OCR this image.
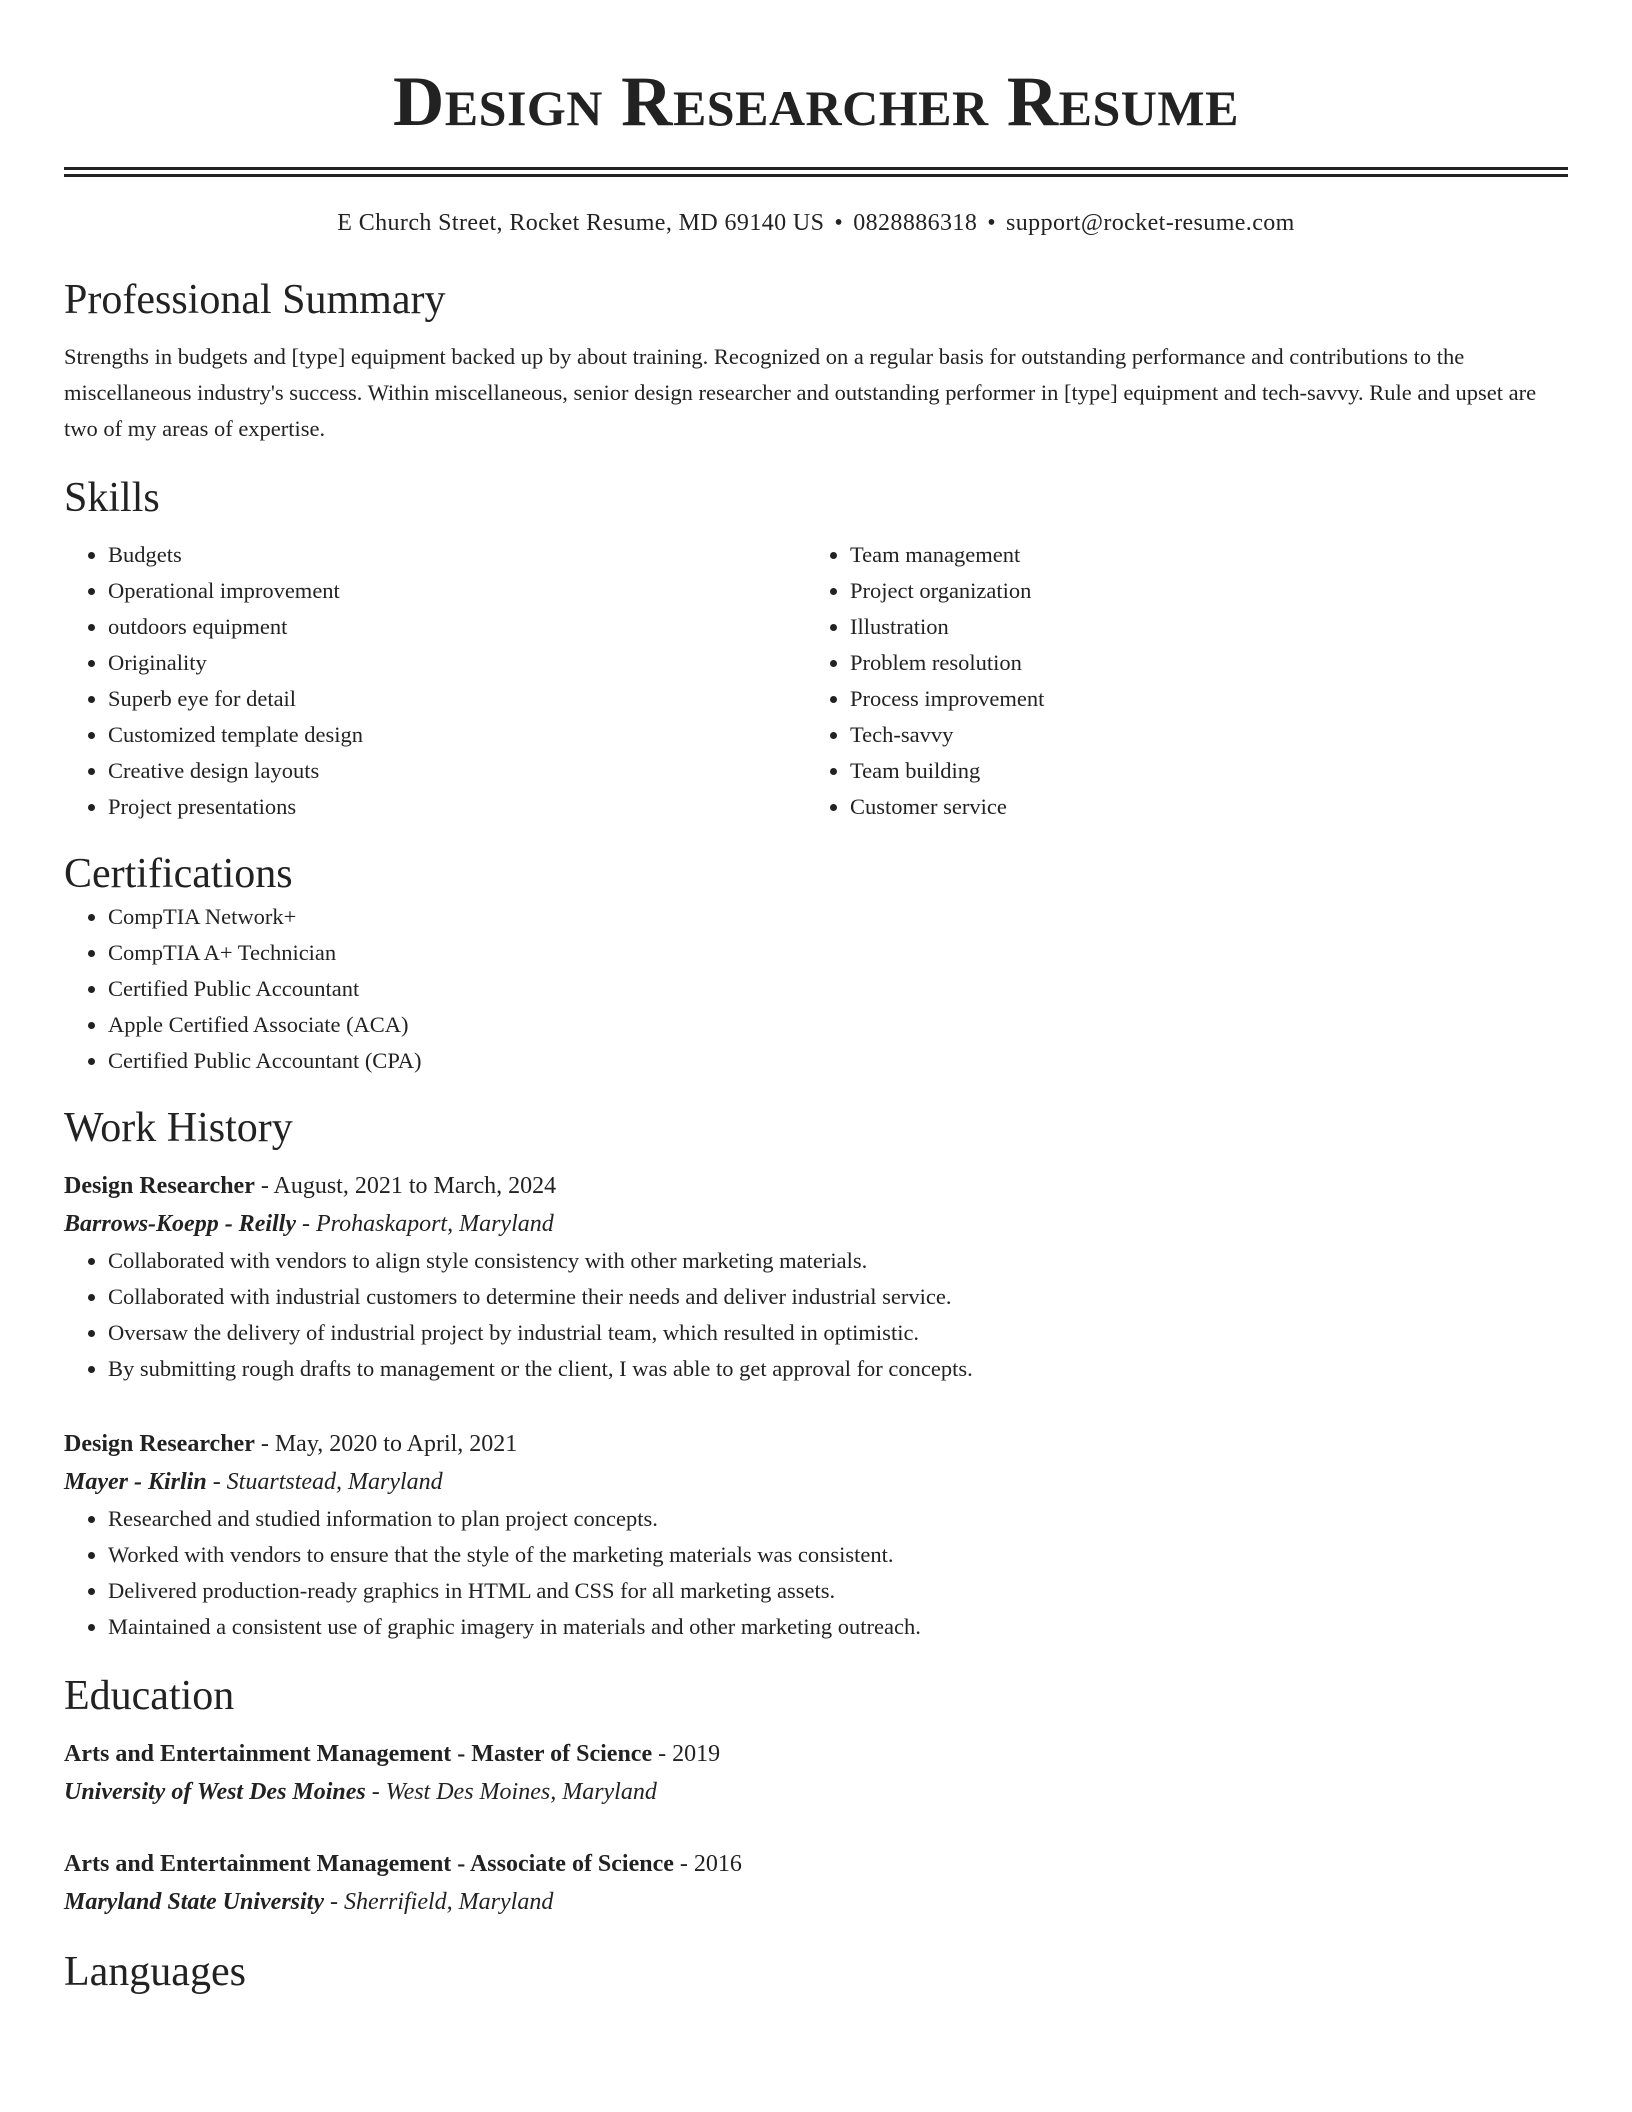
Design Researcher Resume
E Church Street, Rocket Resume, MD 69140 US • 0828886318 • support@rocket-resume.com
Professional Summary
Strengths in budgets and [type] equipment backed up by about training. Recognized on a regular basis for outstanding performance and contributions to the miscellaneous industry's success. Within miscellaneous, senior design researcher and outstanding performer in [type] equipment and tech-savvy. Rule and upset are two of my areas of expertise.
Skills
• Budgets
• Operational improvement
• outdoors equipment
• Originality
• Superb eye for detail
• Customized template design
• Creative design layouts
• Project presentations
• Team management
• Project organization
• Illustration
• Problem resolution
• Process improvement
• Tech-savvy
• Team building
• Customer service
Certifications
• CompTIA Network+
• CompTIA A+ Technician
• Certified Public Accountant
• Apple Certified Associate (ACA)
• Certified Public Accountant (CPA)
Work History
Design Researcher - August, 2021 to March, 2024
Barrows-Koepp - Reilly - Prohaskaport, Maryland
• Collaborated with vendors to align style consistency with other marketing materials.
• Collaborated with industrial customers to determine their needs and deliver industrial service.
• Oversaw the delivery of industrial project by industrial team, which resulted in optimistic.
• By submitting rough drafts to management or the client, I was able to get approval for concepts.
Design Researcher - May, 2020 to April, 2021
Mayer - Kirlin - Stuartstead, Maryland
• Researched and studied information to plan project concepts.
• Worked with vendors to ensure that the style of the marketing materials was consistent.
• Delivered production-ready graphics in HTML and CSS for all marketing assets.
• Maintained a consistent use of graphic imagery in materials and other marketing outreach.
Education
Arts and Entertainment Management - Master of Science - 2019
University of West Des Moines - West Des Moines, Maryland
Arts and Entertainment Management - Associate of Science - 2016
Maryland State University - Sherrifield, Maryland
Languages
